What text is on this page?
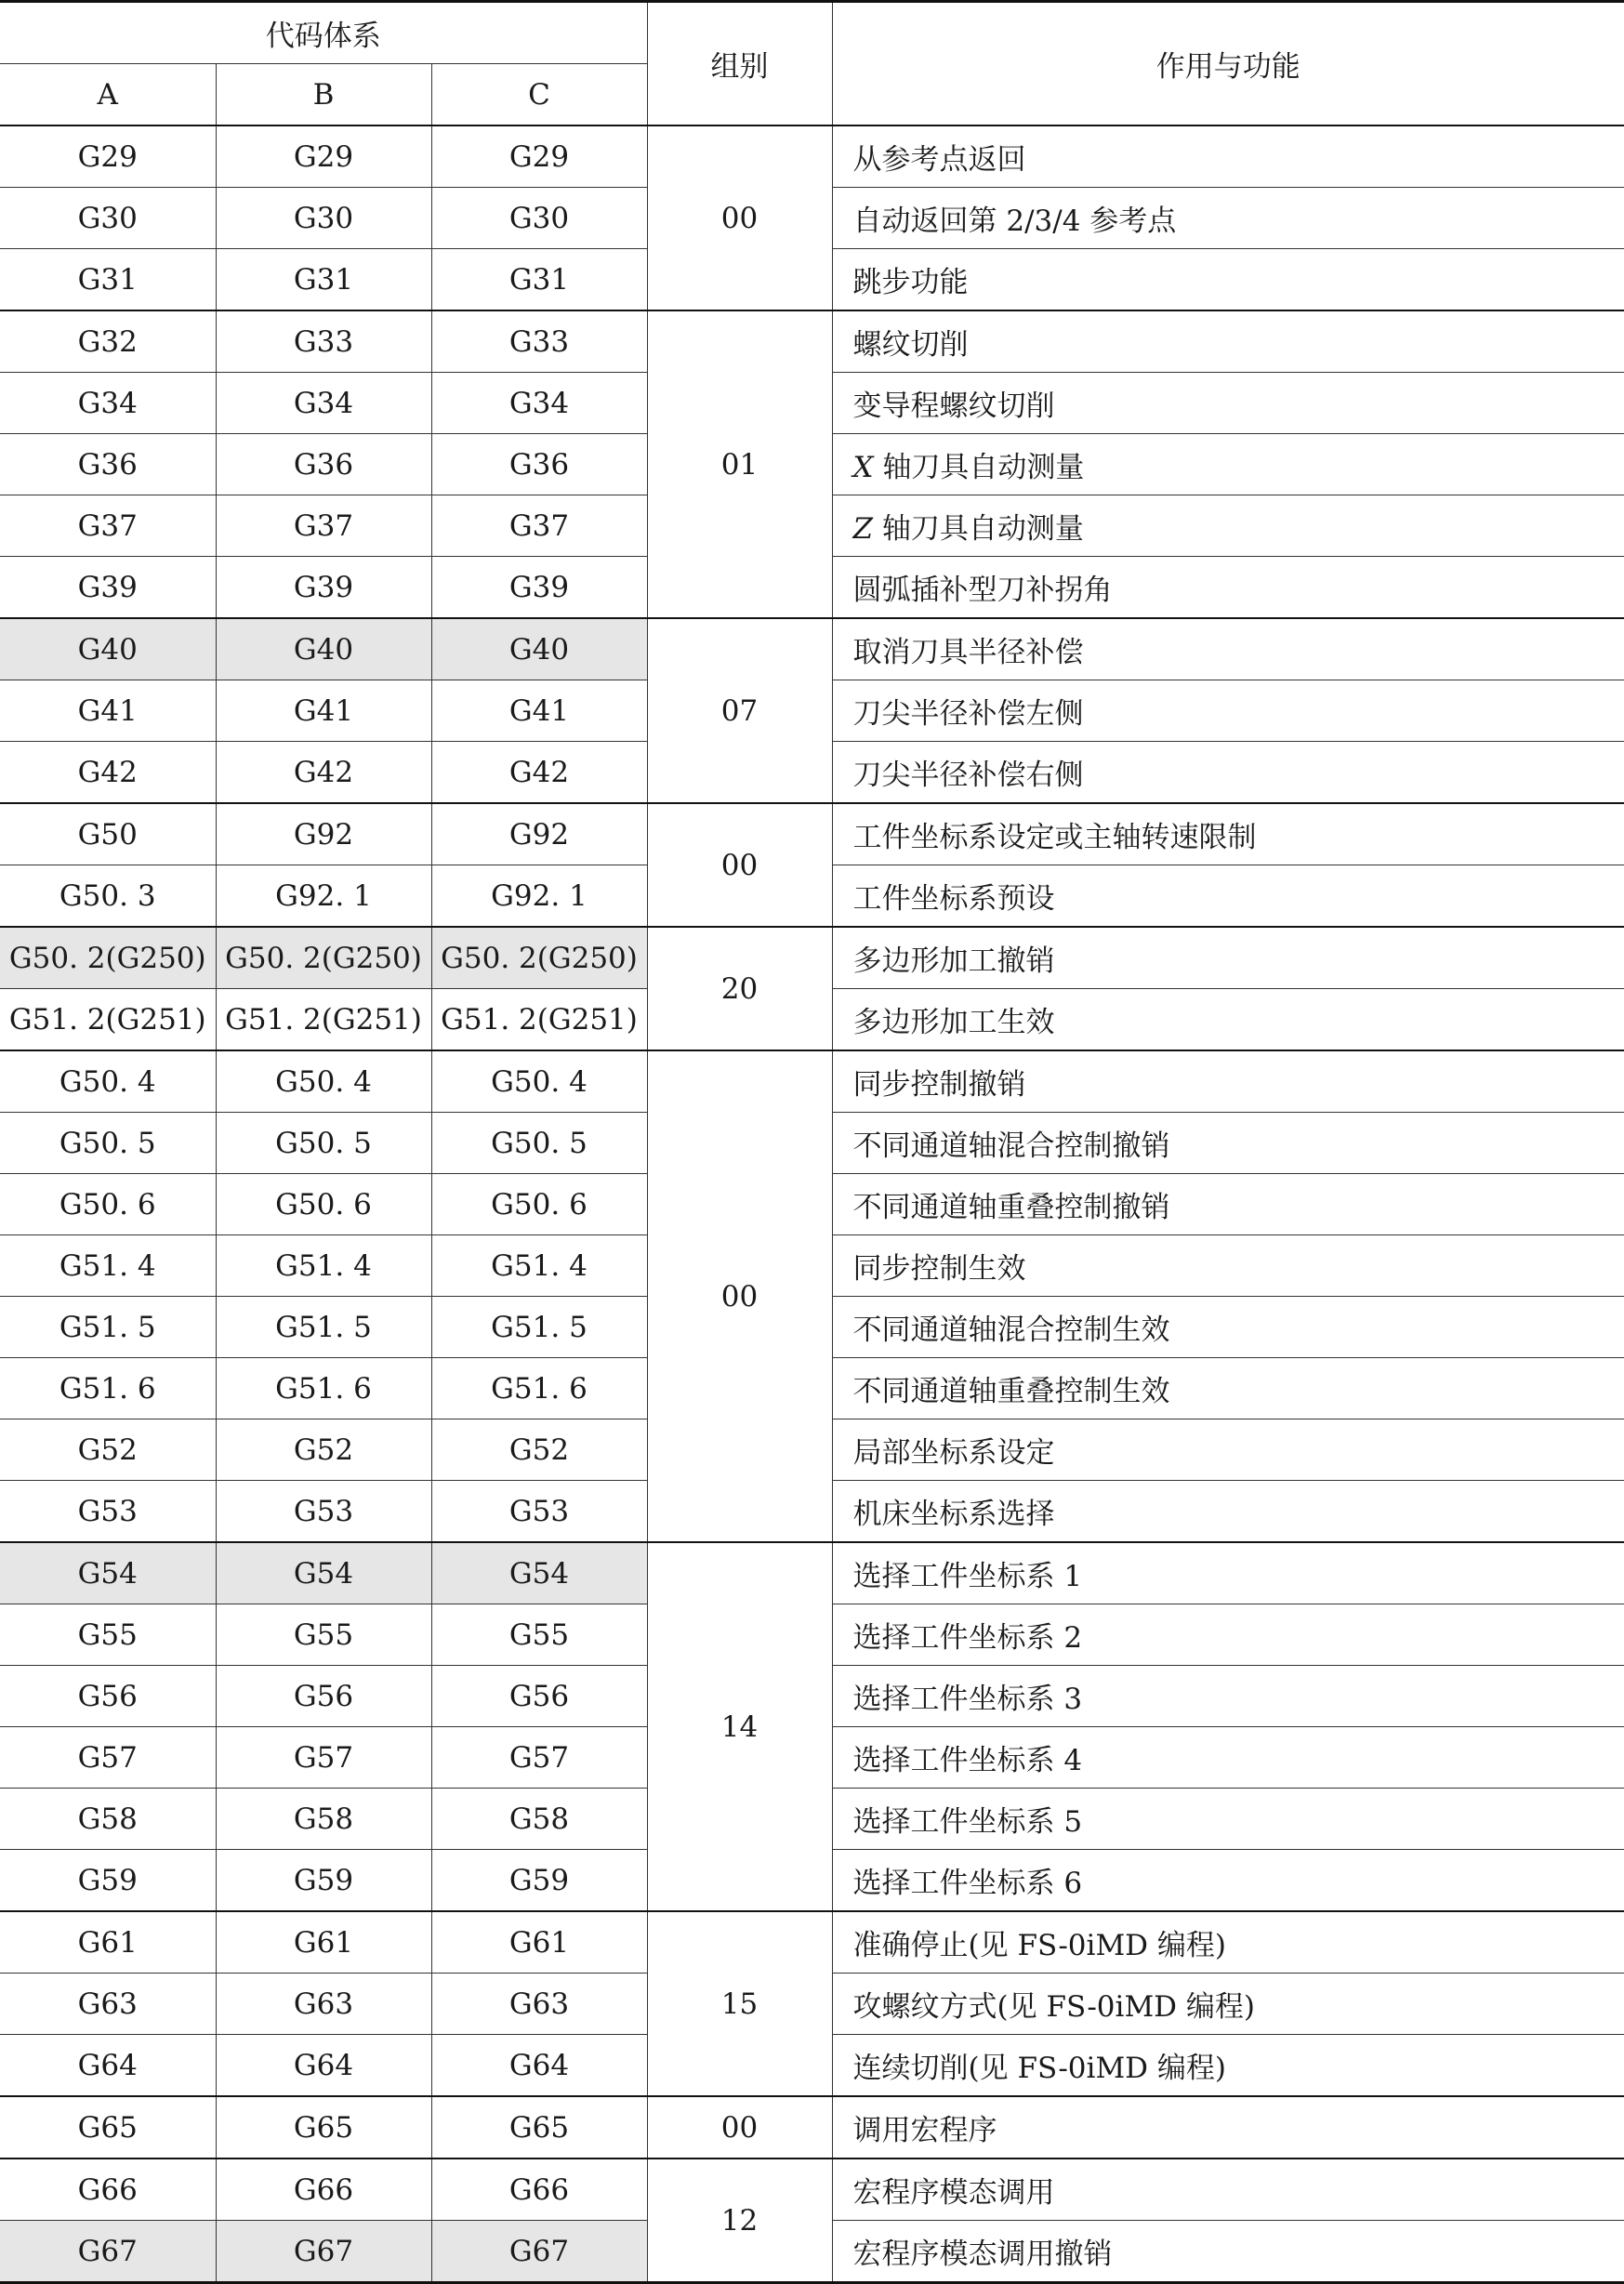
代码体系			组别	作用与功能
A	B	C		
G29	G29	G29	00	从参考点返回
G30	G30	G30		自动返回第 2/3/4 参考点
G31	G31	G31		跳步功能
G32	G33	G33	01	螺纹切削
G34	G34	G34		变导程螺纹切削
G36	G36	G36		X 轴刀具自动测量
G37	G37	G37		Z 轴刀具自动测量
G39	G39	G39		圆弧插补型刀补拐角
G40	G40	G40	07	取消刀具半径补偿
G41	G41	G41		刀尖半径补偿左侧
G42	G42	G42		刀尖半径补偿右侧
G50	G92	G92	00	工件坐标系设定或主轴转速限制
G50. 3	G92. 1	G92. 1		工件坐标系预设
G50. 2(G250)	G50. 2(G250)	G50. 2(G250)	20	多边形加工撤销
G51. 2(G251)	G51. 2(G251)	G51. 2(G251)		多边形加工生效
G50. 4	G50. 4	G50. 4	00	同步控制撤销
G50. 5	G50. 5	G50. 5		不同通道轴混合控制撤销
G50. 6	G50. 6	G50. 6		不同通道轴重叠控制撤销
G51. 4	G51. 4	G51. 4		同步控制生效
G51. 5	G51. 5	G51. 5		不同通道轴混合控制生效
G51. 6	G51. 6	G51. 6		不同通道轴重叠控制生效
G52	G52	G52		局部坐标系设定
G53	G53	G53		机床坐标系选择
G54	G54	G54	14	选择工件坐标系 1
G55	G55	G55		选择工件坐标系 2
G56	G56	G56		选择工件坐标系 3
G57	G57	G57		选择工件坐标系 4
G58	G58	G58		选择工件坐标系 5
G59	G59	G59		选择工件坐标系 6
G61	G61	G61	15	准确停止(见 FS-0iMD 编程)
G63	G63	G63		攻螺纹方式(见 FS-0iMD 编程)
G64	G64	G64		连续切削(见 FS-0iMD 编程)
G65	G65	G65	00	调用宏程序
G66	G66	G66	12	宏程序模态调用
G67	G67	G67		宏程序模态调用撤销
